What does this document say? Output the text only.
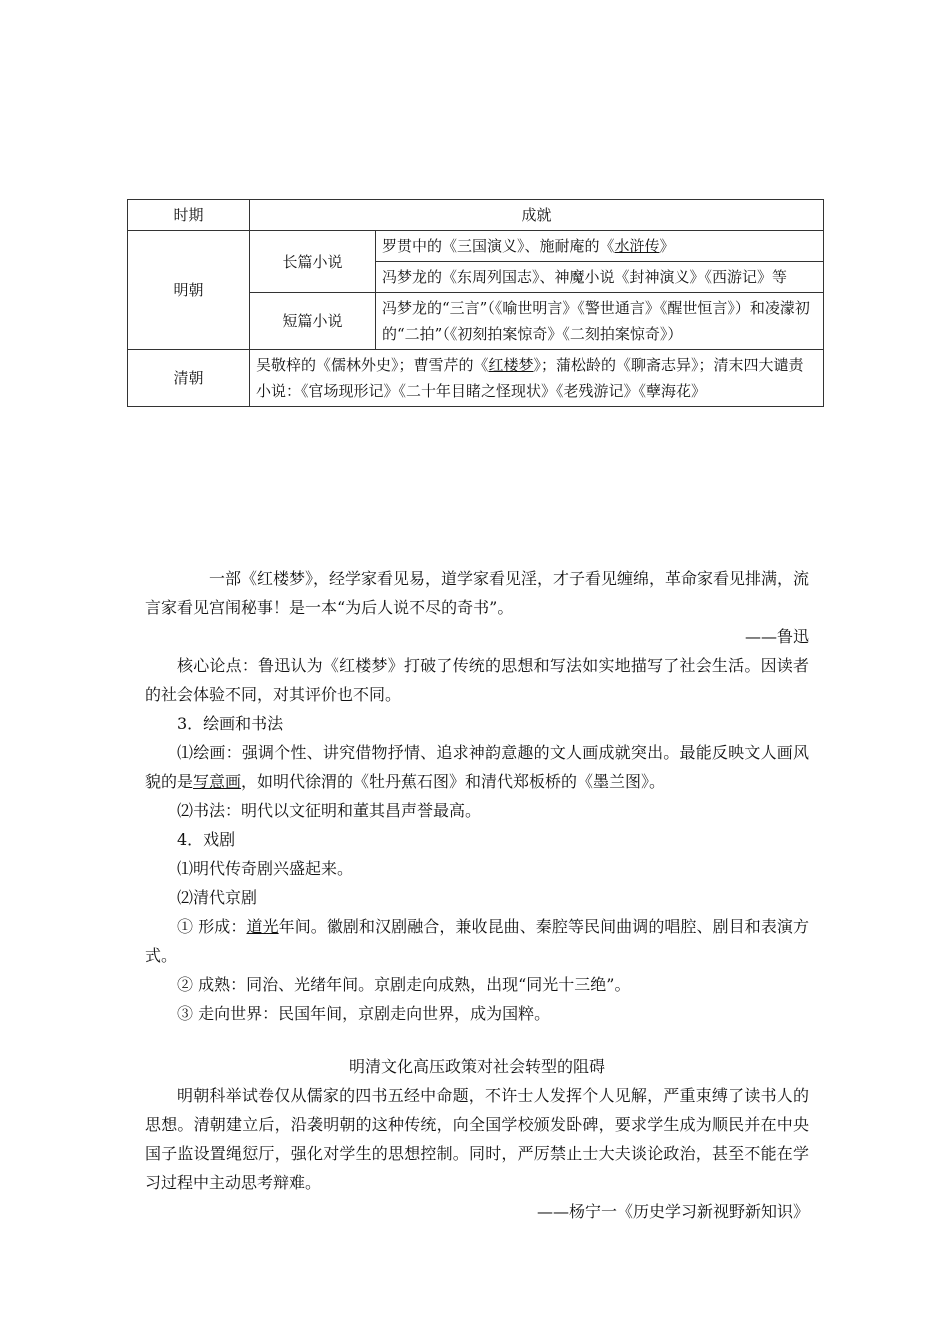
时期	成就	
明朝	长篇小说	罗贯中的《三国演义》、施耐庵的《水浒传》
		冯梦龙的《东周列国志》、神魔小说《封神演义》《西游记》等
	短篇小说	冯梦龙的“三言”（《喻世明言》《警世通言》《醒世恒言》）和凌濛初的“二拍”（《初刻拍案惊奇》《二刻拍案惊奇》）
清朝	吴敬梓的《儒林外史》；曹雪芹的《红楼梦》；蒲松龄的《聊斋志异》；清末四大谴责小说：《官场现形记》《二十年目睹之怪现状》《老残游记》《孽海花》	

一部《红楼梦》，经学家看见易，道学家看见淫，才子看见缠绵，革命家看见排满，流言家看见宫闱秘事！是一本“为后人说不尽的奇书”。

——鲁迅

核心论点：鲁迅认为《红楼梦》打破了传统的思想和写法如实地描写了社会生活。因读者的社会体验不同，对其评价也不同。

3．绘画和书法

⑴绘画：强调个性、讲究借物抒情、追求神韵意趣的文人画成就突出。最能反映文人画风貌的是写意画，如明代徐渭的《牡丹蕉石图》和清代郑板桥的《墨兰图》。

⑵书法：明代以文征明和董其昌声誉最高。

4．戏剧

⑴明代传奇剧兴盛起来。

⑵清代京剧

① 形成：道光年间。徽剧和汉剧融合，兼收昆曲、秦腔等民间曲调的唱腔、剧目和表演方式。

② 成熟：同治、光绪年间。京剧走向成熟，出现“同光十三绝”。

③ 走向世界：民国年间，京剧走向世界，成为国粹。

明清文化高压政策对社会转型的阻碍

明朝科举试卷仅从儒家的四书五经中命题，不许士人发挥个人见解，严重束缚了读书人的思想。清朝建立后，沿袭明朝的这种传统，向全国学校颁发卧碑，要求学生成为顺民并在中央国子监设置绳愆厅，强化对学生的思想控制。同时，严厉禁止士大夫谈论政治，甚至不能在学习过程中主动思考辩难。

——杨宁一《历史学习新视野新知识》
